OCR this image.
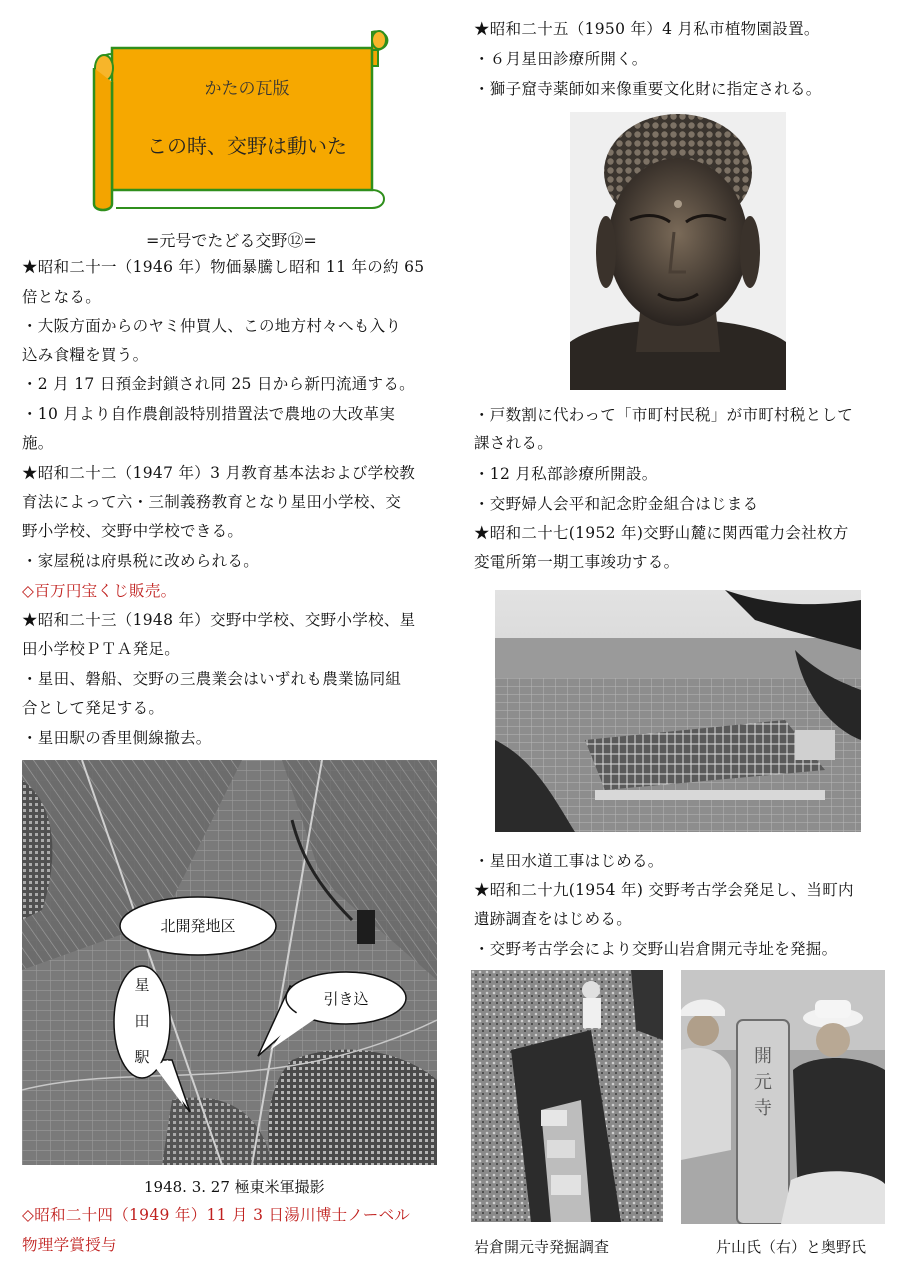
かたの瓦版
この時、交野は動いた
=元号でたどる交野⑫=
★昭和二十一（1946 年）物価暴騰し昭和 11 年の約 65
倍となる。
・大阪方面からのヤミ仲買人、この地方村々へも入り
込み食糧を買う。
・2 月 17 日預金封鎖され同 25 日から新円流通する。
・10 月より自作農創設特別措置法で農地の大改革実
施。
★昭和二十二（1947 年）3 月教育基本法および学校教
育法によって六・三制義務教育となり星田小学校、交
野小学校、交野中学校できる。
・家屋税は府県税に改められる。
◇百万円宝くじ販売。
★昭和二十三（1948 年）交野中学校、交野小学校、星
田小学校ＰＴＡ発足。
・星田、磐船、交野の三農業会はいずれも農業協同組
合として発足する。
・星田駅の香里側線撤去。
北開発地区
引き込
星
田
駅
1948. 3. 27 極東米軍撮影
◇昭和二十四（1949 年）11 月 3 日湯川博士ノーベル
物理学賞授与
★昭和二十五（1950 年）4 月私市植物園設置。
・６月星田診療所開く。
・獅子窟寺薬師如来像重要文化財に指定される。
・戸数割に代わって「市町村民税」が市町村税として
課される。
・12 月私部診療所開設。
・交野婦人会平和記念貯金組合はじまる
★昭和二十七(1952 年)交野山麓に関西電力会社枚方
変電所第一期工事竣功する。
・星田水道工事はじめる。
★昭和二十九(1954 年) 交野考古学会発足し、当町内
遺跡調査をはじめる。
・交野考古学会により交野山岩倉開元寺址を発掘。
開
元
寺
岩倉開元寺発掘調査	片山氏（右）と奥野氏
